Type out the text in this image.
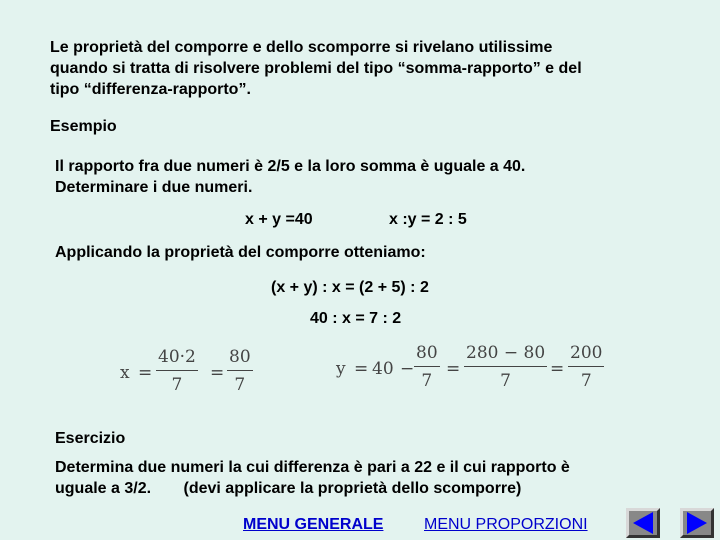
Le proprietà del comporre e dello scomporre si rivelano utilissime
quando si tratta di risolvere problemi del tipo “somma-rapporto” e del
tipo “differenza-rapporto”.
Esempio
Il rapporto fra due numeri è 2/5 e la loro somma è uguale a 40.
Determinare i due numeri.
x + y =40	x :y = 2 : 5
Applicando la proprietà del comporre otteniamo:
(x + y) : x = (2 + 5) : 2
40 : x = 7 : 2
$x = \frac{40\cdot 2}{7} = \frac{80}{7}$	$y = 40 - \frac{80}{7} = \frac{280 - 80}{7} = \frac{200}{7}$
Esercizio
Determina due numeri la cui differenza è pari a 22 e il cui rapporto è
uguale a 3/2. (devi applicare la proprietà dello scomporre)
MENU GENERALE	MENU PROPORZIONI
